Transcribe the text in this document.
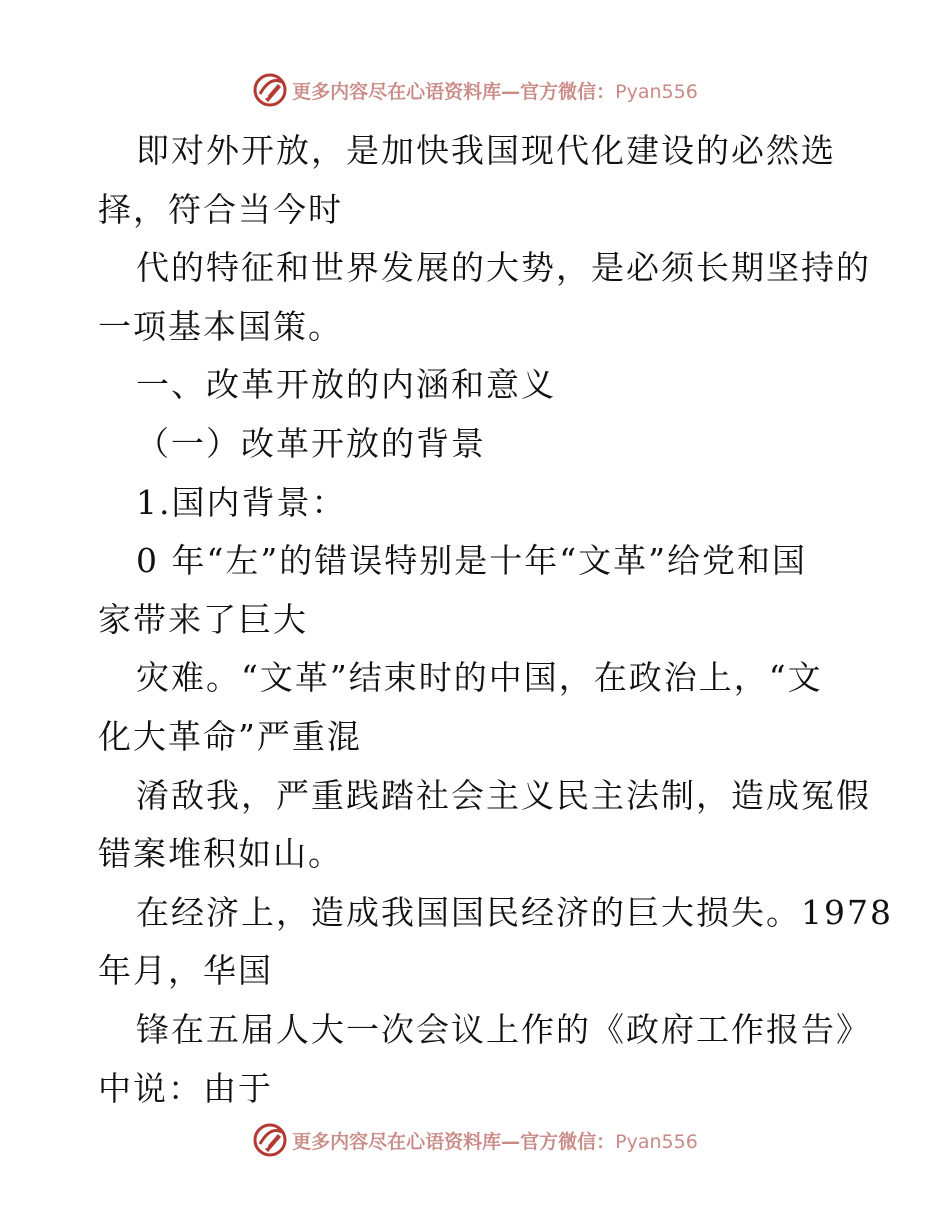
更多内容尽在心语资料库—官方微信：Pyan556
即对外开放，是加快我国现代化建设的必然选
择，符合当今时
代的特征和世界发展的大势，是必须长期坚持的
一项基本国策。
一、改革开放的内涵和意义
（一）改革开放的背景
1.国内背景：
0 年“左”的错误特别是十年“文革”给党和国
家带来了巨大
灾难。“文革”结束时的中国，在政治上，“文
化大革命”严重混
淆敌我，严重践踏社会主义民主法制，造成冤假
错案堆积如山。
在经济上，造成我国国民经济的巨大损失。1978
年月，华国
锋在五届人大一次会议上作的《政府工作报告》
中说：由于
更多内容尽在心语资料库—官方微信：Pyan556
